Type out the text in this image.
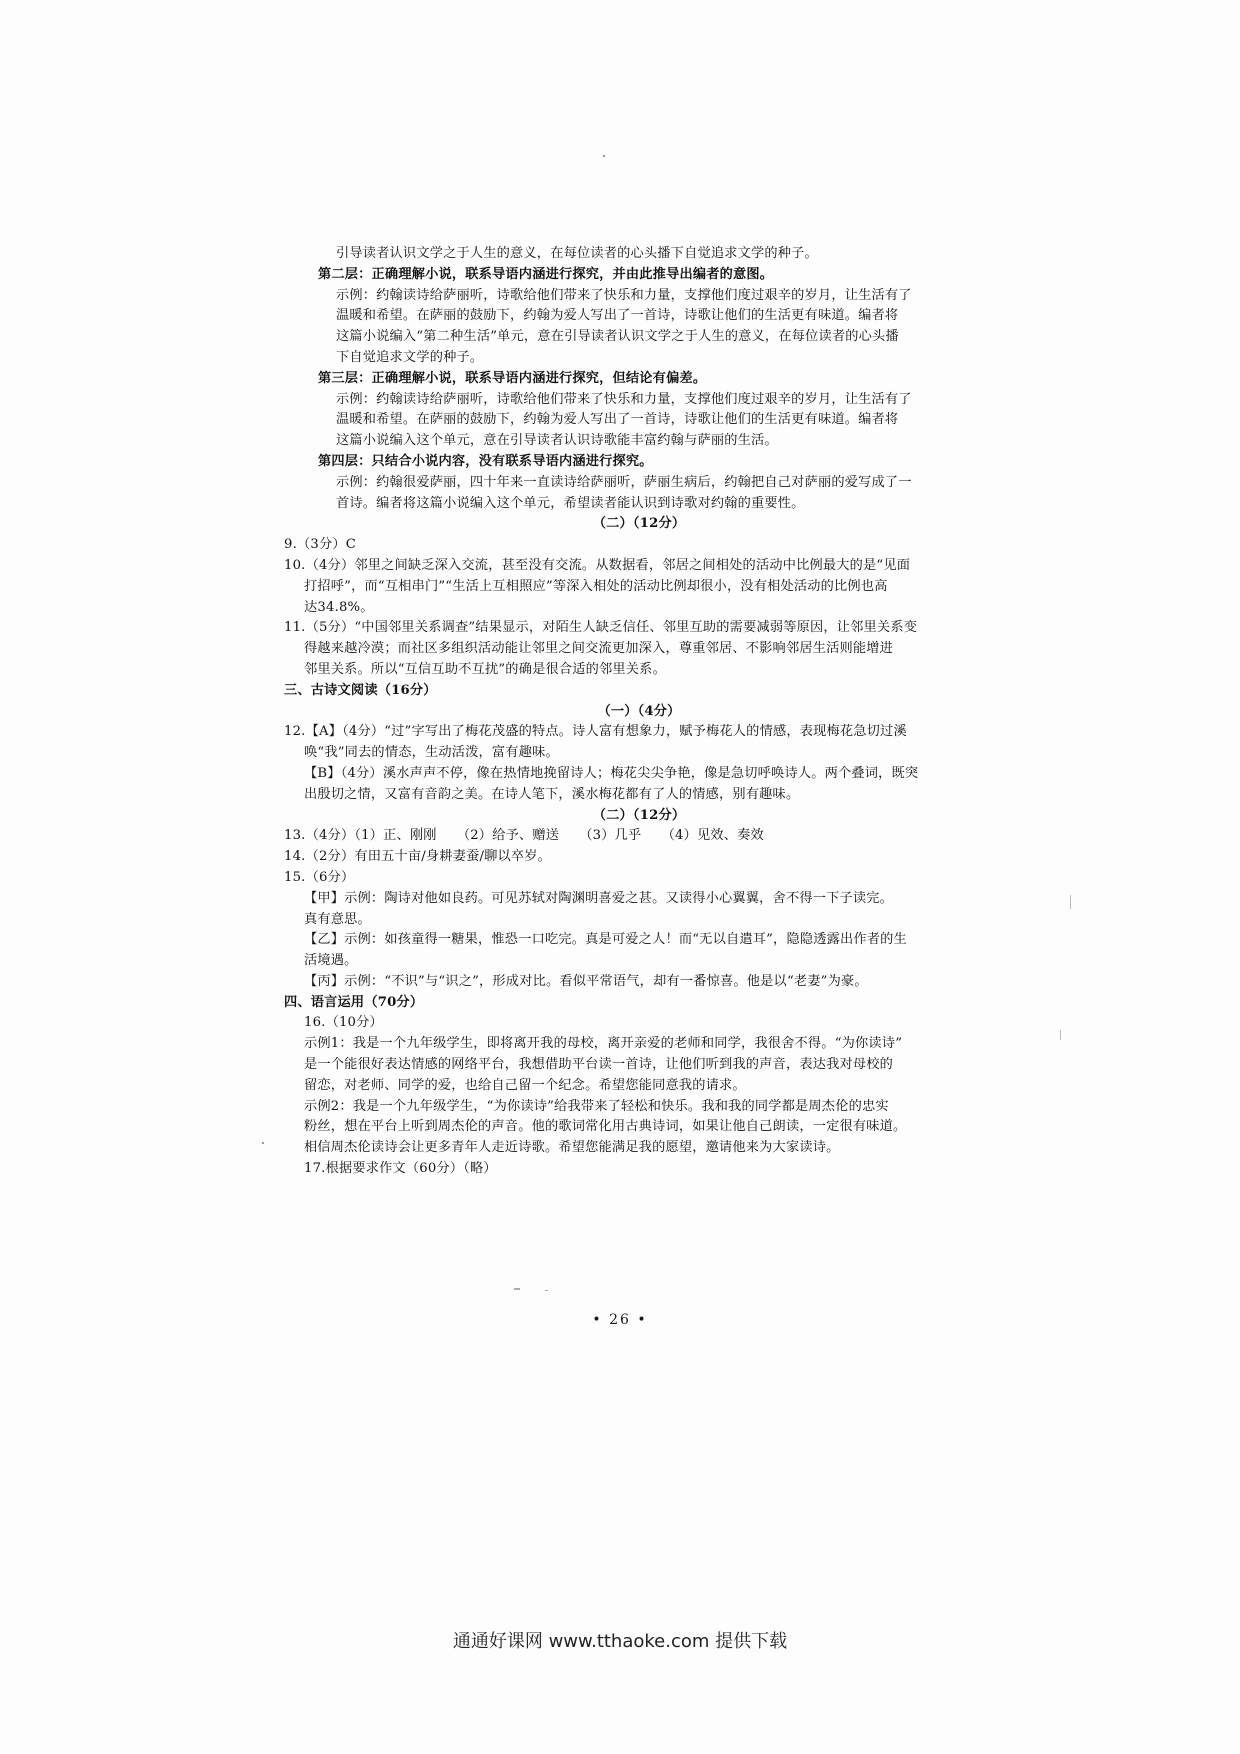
引导读者认识文学之于人生的意义，在每位读者的心头播下自觉追求文学的种子。
第二层：正确理解小说，联系导语内涵进行探究，并由此推导出编者的意图。
示例：约翰读诗给萨丽听，诗歌给他们带来了快乐和力量，支撑他们度过艰辛的岁月，让生活有了
温暖和希望。在萨丽的鼓励下，约翰为爱人写出了一首诗，诗歌让他们的生活更有味道。编者将
这篇小说编入“第二种生活”单元，意在引导读者认识文学之于人生的意义，在每位读者的心头播
下自觉追求文学的种子。
第三层：正确理解小说，联系导语内涵进行探究，但结论有偏差。
示例：约翰读诗给萨丽听，诗歌给他们带来了快乐和力量，支撑他们度过艰辛的岁月，让生活有了
温暖和希望。在萨丽的鼓励下，约翰为爱人写出了一首诗，诗歌让他们的生活更有味道。编者将
这篇小说编入这个单元，意在引导读者认识诗歌能丰富约翰与萨丽的生活。
第四层：只结合小说内容，没有联系导语内涵进行探究。
示例：约翰很爱萨丽，四十年来一直读诗给萨丽听，萨丽生病后，约翰把自己对萨丽的爱写成了一
首诗。编者将这篇小说编入这个单元，希望读者能认识到诗歌对约翰的重要性。
（二）（12分）
9.（3分）C
10.（4分）邻里之间缺乏深入交流，甚至没有交流。从数据看，邻居之间相处的活动中比例最大的是“见面
打招呼”，而“互相串门”“生活上互相照应”等深入相处的活动比例却很小，没有相处活动的比例也高
达34.8%。
11.（5分）“中国邻里关系调查”结果显示，对陌生人缺乏信任、邻里互助的需要减弱等原因，让邻里关系变
得越来越冷漠；而社区多组织活动能让邻里之间交流更加深入，尊重邻居、不影响邻居生活则能增进
邻里关系。所以“互信互助不互扰”的确是很合适的邻里关系。
三、古诗文阅读（16分）
（一）（4分）
12.【A】（4分）“过”字写出了梅花茂盛的特点。诗人富有想象力，赋予梅花人的情感，表现梅花急切过溪
唤“我”同去的情态，生动活泼，富有趣味。
【B】（4分）溪水声声不停，像在热情地挽留诗人；梅花尖尖争艳，像是急切呼唤诗人。两个叠词，既突
出殷切之情，又富有音韵之美。在诗人笔下，溪水梅花都有了人的情感，别有趣味。
（二）（12分）
13.（4分）（1）正、刚刚　　（2）给予、赠送　　（3）几乎　　（4）见效、奏效
14.（2分）有田五十亩/身耕妻蚕/聊以卒岁。
15.（6分）
【甲】示例：陶诗对他如良药。可见苏轼对陶渊明喜爱之甚。又读得小心翼翼，舍不得一下子读完。
真有意思。
【乙】示例：如孩童得一糖果，惟恐一口吃完。真是可爱之人！而“无以自遣耳”，隐隐透露出作者的生
活境遇。
【丙】示例：“不识”与“识之”，形成对比。看似平常语气，却有一番惊喜。他是以“老妻”为豪。
四、语言运用（70分）
16.（10分）
示例1：我是一个九年级学生，即将离开我的母校，离开亲爱的老师和同学，我很舍不得。“为你读诗”
是一个能很好表达情感的网络平台，我想借助平台读一首诗，让他们听到我的声音，表达我对母校的
留恋，对老师、同学的爱，也给自己留一个纪念。希望您能同意我的请求。
示例2：我是一个九年级学生，“为你读诗”给我带来了轻松和快乐。我和我的同学都是周杰伦的忠实
粉丝，想在平台上听到周杰伦的声音。他的歌词常化用古典诗词，如果让他自己朗读，一定很有味道。
相信周杰伦读诗会让更多青年人走近诗歌。希望您能满足我的愿望，邀请他来为大家读诗。
17.根据要求作文（60分）（略）
• 26 •
通通好课网 www.tthaoke.com 提供下载
